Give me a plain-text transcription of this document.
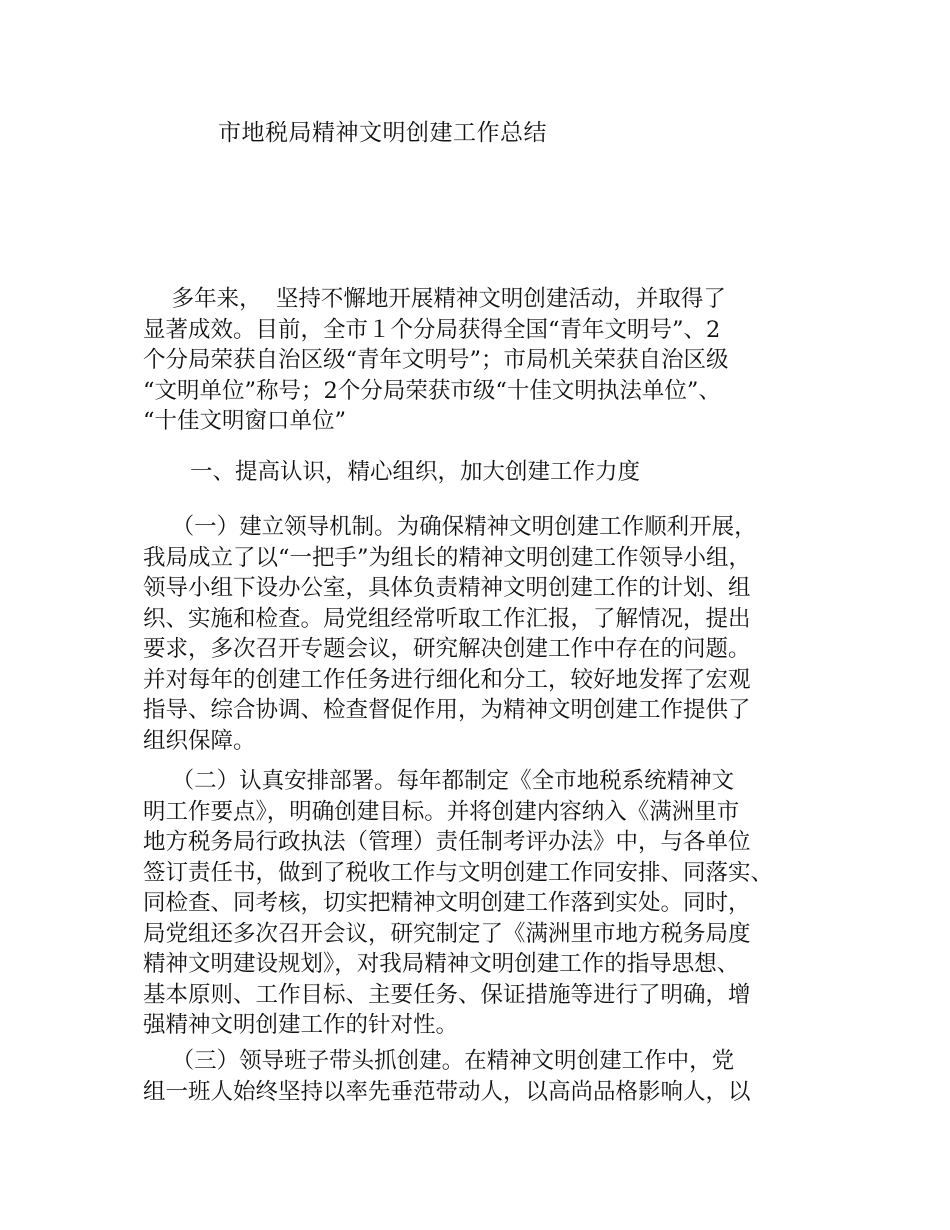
市地税局精神文明创建工作总结

多年来，  坚持不懈地开展精神文明创建活动，并取得了
显著成效。目前，全市１个分局获得全国“青年文明号”、2
个分局荣获自治区级“青年文明号”；市局机关荣获自治区级
“文明单位”称号；2个分局荣获市级“十佳文明执法单位”、
“十佳文明窗口单位”

一、提高认识，精心组织，加大创建工作力度

（一）建立领导机制。为确保精神文明创建工作顺利开展，
我局成立了以“一把手”为组长的精神文明创建工作领导小组，
领导小组下设办公室，具体负责精神文明创建工作的计划、组
织、实施和检查。局党组经常听取工作汇报，了解情况，提出
要求，多次召开专题会议，研究解决创建工作中存在的问题。
并对每年的创建工作任务进行细化和分工，较好地发挥了宏观
指导、综合协调、检查督促作用，为精神文明创建工作提供了
组织保障。

（二）认真安排部署。每年都制定《全市地税系统精神文
明工作要点》，明确创建目标。并将创建内容纳入《满洲里市
地方税务局行政执法（管理）责任制考评办法》中，与各单位
签订责任书，做到了税收工作与文明创建工作同安排、同落实、
同检查、同考核，切实把精神文明创建工作落到实处。同时，
局党组还多次召开会议，研究制定了《满洲里市地方税务局度
精神文明建设规划》，对我局精神文明创建工作的指导思想、
基本原则、工作目标、主要任务、保证措施等进行了明确，增
强精神文明创建工作的针对性。

（三）领导班子带头抓创建。在精神文明创建工作中，党
组一班人始终坚持以率先垂范带动人，以高尚品格影响人，以
